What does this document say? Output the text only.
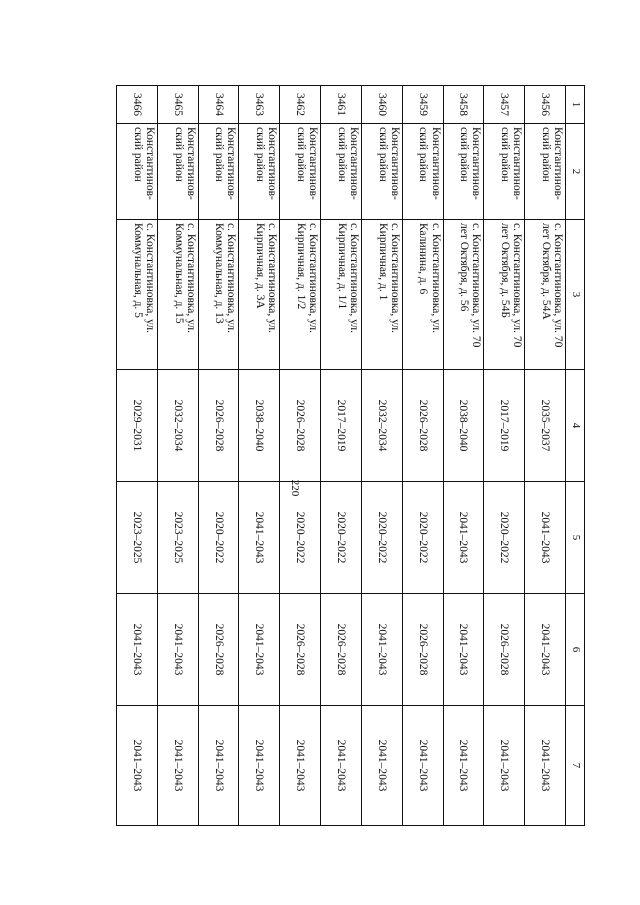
220
1	2	3	4	5	6	7
3456	Константинов-ский район	с. Константиновка, ул. 70 лет Октября, д. 54А	2035–2037	2041–2043	2041–2043	2041–2043
3457	Константинов-ский район	с. Константиновка, ул. 70 лет Октября, д. 54Б	2017–2019	2020–2022	2026–2028	2041–2043
3458	Константинов-ский район	с. Константиновка, ул. 70 лет Октября, д. 56	2038–2040	2041–2043	2041–2043	2041–2043
3459	Константинов-ский район	с. Константиновка, ул. Калинина, д. 6	2026–2028	2020–2022	2026–2028	2041–2043
3460	Константинов-ский район	с. Константиновка, ул. Кирпичная, д. 1	2032–2034	2020–2022	2041–2043	2041–2043
3461	Константинов-ский район	с. Константиновка, ул. Кирпичная, д. 1/1	2017–2019	2020–2022	2026–2028	2041–2043
3462	Константинов-ский район	с. Константиновка, ул. Кирпичная, д. 1/2	2026–2028	2020–2022	2026–2028	2041–2043
3463	Константинов-ский район	с. Константиновка, ул. Кирпичная, д. 3А	2038–2040	2041–2043	2041–2043	2041–2043
3464	Константинов-ский район	с. Константиновка, ул. Коммунальная, д. 13	2026–2028	2020–2022	2026–2028	2041–2043
3465	Константинов-ский район	с. Константиновка, ул. Коммунальная, д. 15	2032–2034	2023–2025	2041–2043	2041–2043
3466	Константинов-ский район	с. Константиновка, ул. Коммунальная, д. 5	2029–2031	2023–2025	2041–2043	2041–2043
